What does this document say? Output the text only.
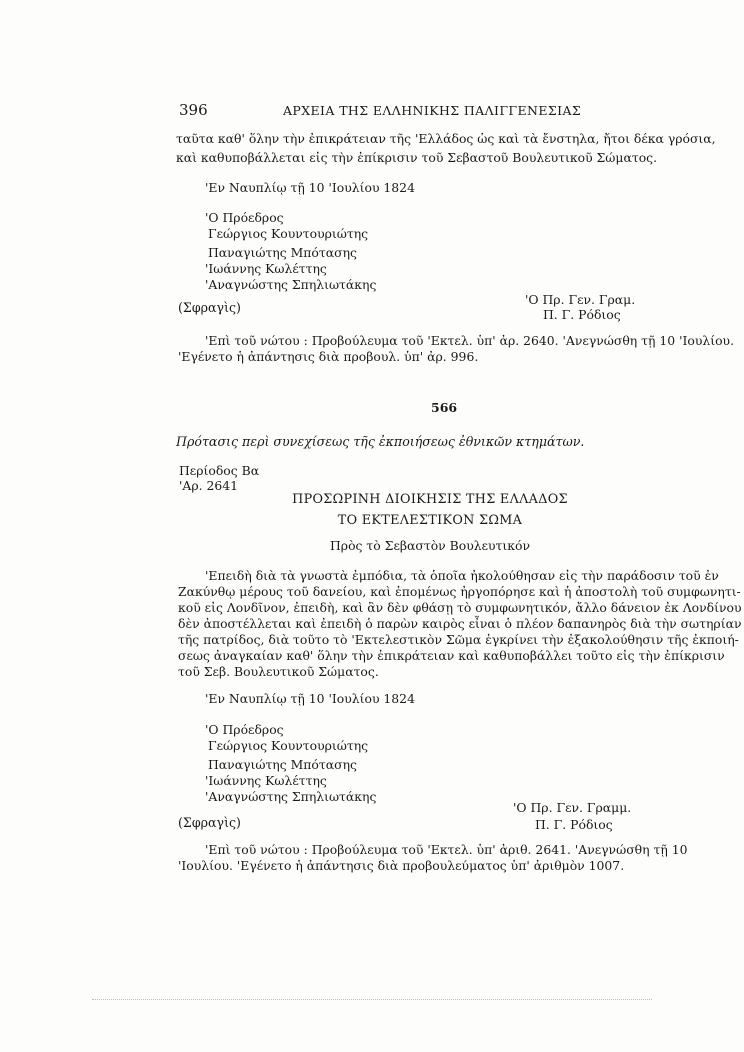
396	ΑΡΧΕΙΑ ΤΗΣ ΕΛΛΗΝΙΚΗΣ ΠΑΛΙΓΓΕΝΕΣΙΑΣ
ταῦτα καθ' ὅλην τὴν ἐπικράτειαν τῆς 'Ελλάδος ὡς καὶ τὰ ἔνστηλα, ἤτοι δέκα γρόσια,
καὶ καθυποβάλλεται εἰς τὴν ἐπίκρισιν τοῦ Σεβαστοῦ Βουλευτικοῦ Σώματος.
'Εν Ναυπλίῳ τῇ 10 'Ιουλίου 1824
'Ο Πρόεδρος
Γεώργιος Κουντουριώτης
Παναγιώτης Μπότασης
'Ιωάννης Κωλέττης
'Αναγνώστης Σπηλιωτάκης
'Ο Πρ. Γεν. Γραμ.
(Σφραγὶς)	Π. Γ. Ρόδιος
'Επὶ τοῦ νώτου : Προβούλευμα τοῦ 'Εκτελ. ὑπ' ἀρ. 2640. 'Ανεγνώσθη τῇ 10 'Ιουλίου.
'Εγένετο ἡ ἀπάντησις διὰ προβουλ. ὑπ' ἀρ. 996.
566
Πρότασις περὶ συνεχίσεως τῆς ἐκποιήσεως ἐθνικῶν κτημάτων.
Περίοδος Βα
'Αρ. 2641
ΠΡΟΣΩΡΙΝΗ ΔΙΟΙΚΗΣΙΣ ΤΗΣ ΕΛΛΑΔΟΣ
ΤΟ ΕΚΤΕΛΕΣΤΙΚΟΝ ΣΩΜΑ
Πρὸς τὸ Σεβαστὸν Βουλευτικόν
'Επειδὴ διὰ τὰ γνωστὰ ἐμπόδια, τὰ ὁποῖα ἠκολούθησαν εἰς τὴν παράδοσιν τοῦ ἐν
Ζακύνθῳ μέρους τοῦ δανείου, καὶ ἐπομένως ἠργοπόρησε καὶ ἡ ἀποστολὴ τοῦ συμφωνητι-
κοῦ εἰς Λονδῖνον, ἐπειδὴ, καὶ ἂν δὲν φθάσῃ τὸ συμφωνητικόν, ἄλλο δάνειον ἐκ Λονδίνου
δὲν ἀποστέλλεται καὶ ἐπειδὴ ὁ παρὼν καιρὸς εἶναι ὁ πλέον δαπανηρὸς διὰ τὴν σωτηρίαν
τῆς πατρίδος, διὰ τοῦτο τὸ 'Εκτελεστικὸν Σῶμα ἐγκρίνει τὴν ἐξακολούθησιν τῆς ἐκποιή-
σεως ἀναγκαίαν καθ' ὅλην τὴν ἐπικράτειαν καὶ καθυποβάλλει τοῦτο εἰς τὴν ἐπίκρισιν
τοῦ Σεβ. Βουλευτικοῦ Σώματος.
'Εν Ναυπλίῳ τῇ 10 'Ιουλίου 1824
'Ο Πρόεδρος
Γεώργιος Κουντουριώτης
Παναγιώτης Μπότασης
'Ιωάννης Κωλέττης
'Αναγνώστης Σπηλιωτάκης
'Ο Πρ. Γεν. Γραμμ.
(Σφραγὶς)	Π. Γ. Ρόδιος
'Επὶ τοῦ νώτου : Προβούλευμα τοῦ 'Εκτελ. ὑπ' ἀριθ. 2641. 'Ανεγνώσθη τῇ 10
'Ιουλίου. 'Εγένετο ἡ ἀπάντησις διὰ προβουλεύματος ὑπ' ἀριθμὸν 1007.
